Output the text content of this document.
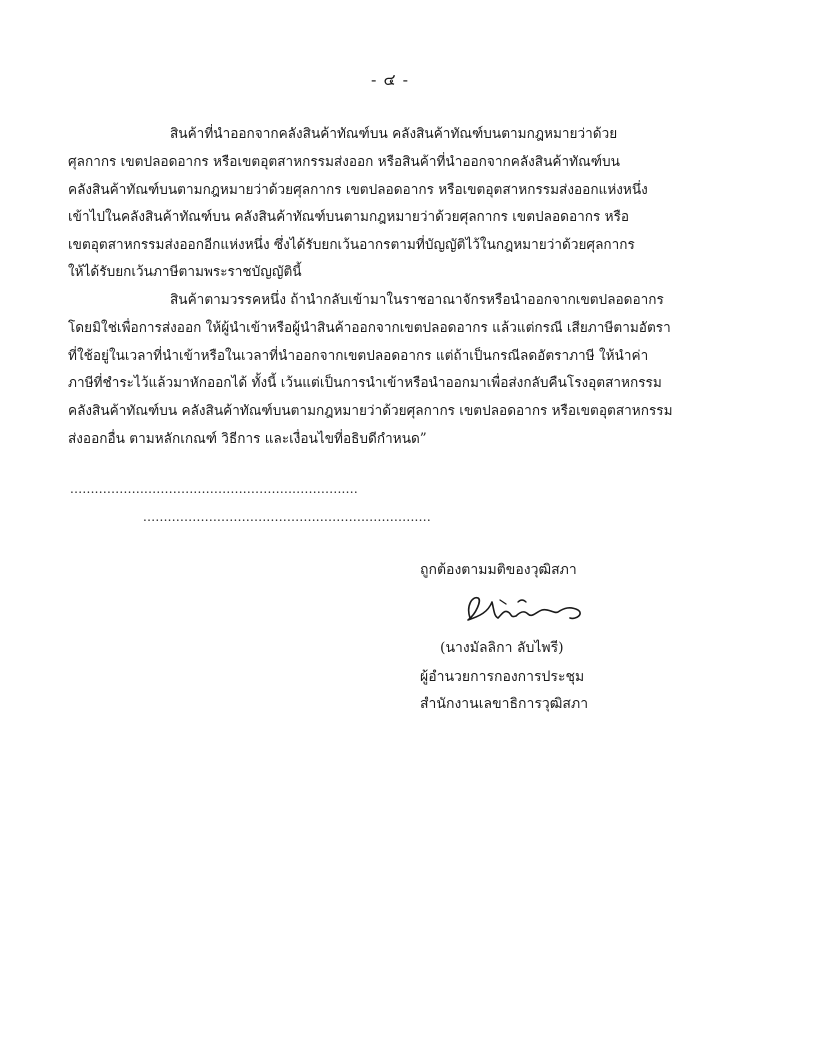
- ๔ -
สินค้าที่นำออกจากคลังสินค้าทัณฑ์บน คลังสินค้าทัณฑ์บนตามกฎหมายว่าด้วย
ศุลกากร เขตปลอดอากร หรือเขตอุตสาหกรรมส่งออก หรือสินค้าที่นำออกจากคลังสินค้าทัณฑ์บน
คลังสินค้าทัณฑ์บนตามกฎหมายว่าด้วยศุลกากร เขตปลอดอากร หรือเขตอุตสาหกรรมส่งออกแห่งหนึ่ง
เข้าไปในคลังสินค้าทัณฑ์บน คลังสินค้าทัณฑ์บนตามกฎหมายว่าด้วยศุลกากร เขตปลอดอากร หรือ
เขตอุตสาหกรรมส่งออกอีกแห่งหนึ่ง ซึ่งได้รับยกเว้นอากรตามที่บัญญัติไว้ในกฎหมายว่าด้วยศุลกากร
ให้ได้รับยกเว้นภาษีตามพระราชบัญญัตินี้
สินค้าตามวรรคหนึ่ง ถ้านำกลับเข้ามาในราชอาณาจักรหรือนำออกจากเขตปลอดอากร
โดยมิใช่เพื่อการส่งออก ให้ผู้นำเข้าหรือผู้นำสินค้าออกจากเขตปลอดอากร แล้วแต่กรณี เสียภาษีตามอัตรา
ที่ใช้อยู่ในเวลาที่นำเข้าหรือในเวลาที่นำออกจากเขตปลอดอากร แต่ถ้าเป็นกรณีลดอัตราภาษี ให้นำค่า
ภาษีที่ชำระไว้แล้วมาหักออกได้ ทั้งนี้ เว้นแต่เป็นการนำเข้าหรือนำออกมาเพื่อส่งกลับคืนโรงอุตสาหกรรม
คลังสินค้าทัณฑ์บน คลังสินค้าทัณฑ์บนตามกฎหมายว่าด้วยศุลกากร เขตปลอดอากร หรือเขตอุตสาหกรรม
ส่งออกอื่น ตามหลักเกณฑ์ วิธีการ และเงื่อนไขที่อธิบดีกำหนด”
......................................................................
......................................................................
ถูกต้องตามมติของวุฒิสภา
(นางมัลลิกา ลับไพรี)
ผู้อำนวยการกองการประชุม
สำนักงานเลขาธิการวุฒิสภา
